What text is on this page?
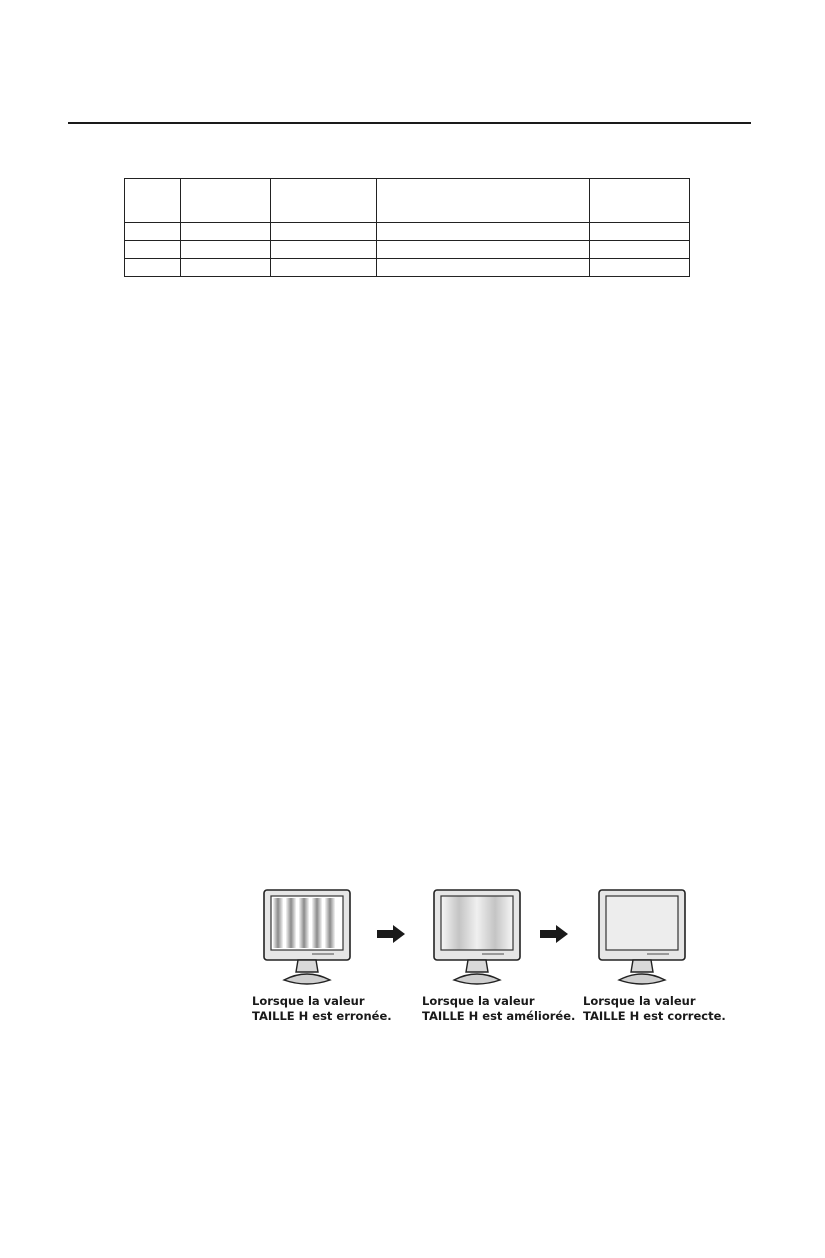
Lorsque la valeur
TAILLE H est erronée.
Lorsque la valeur
TAILLE H est améliorée.
Lorsque la valeur
TAILLE H est correcte.
